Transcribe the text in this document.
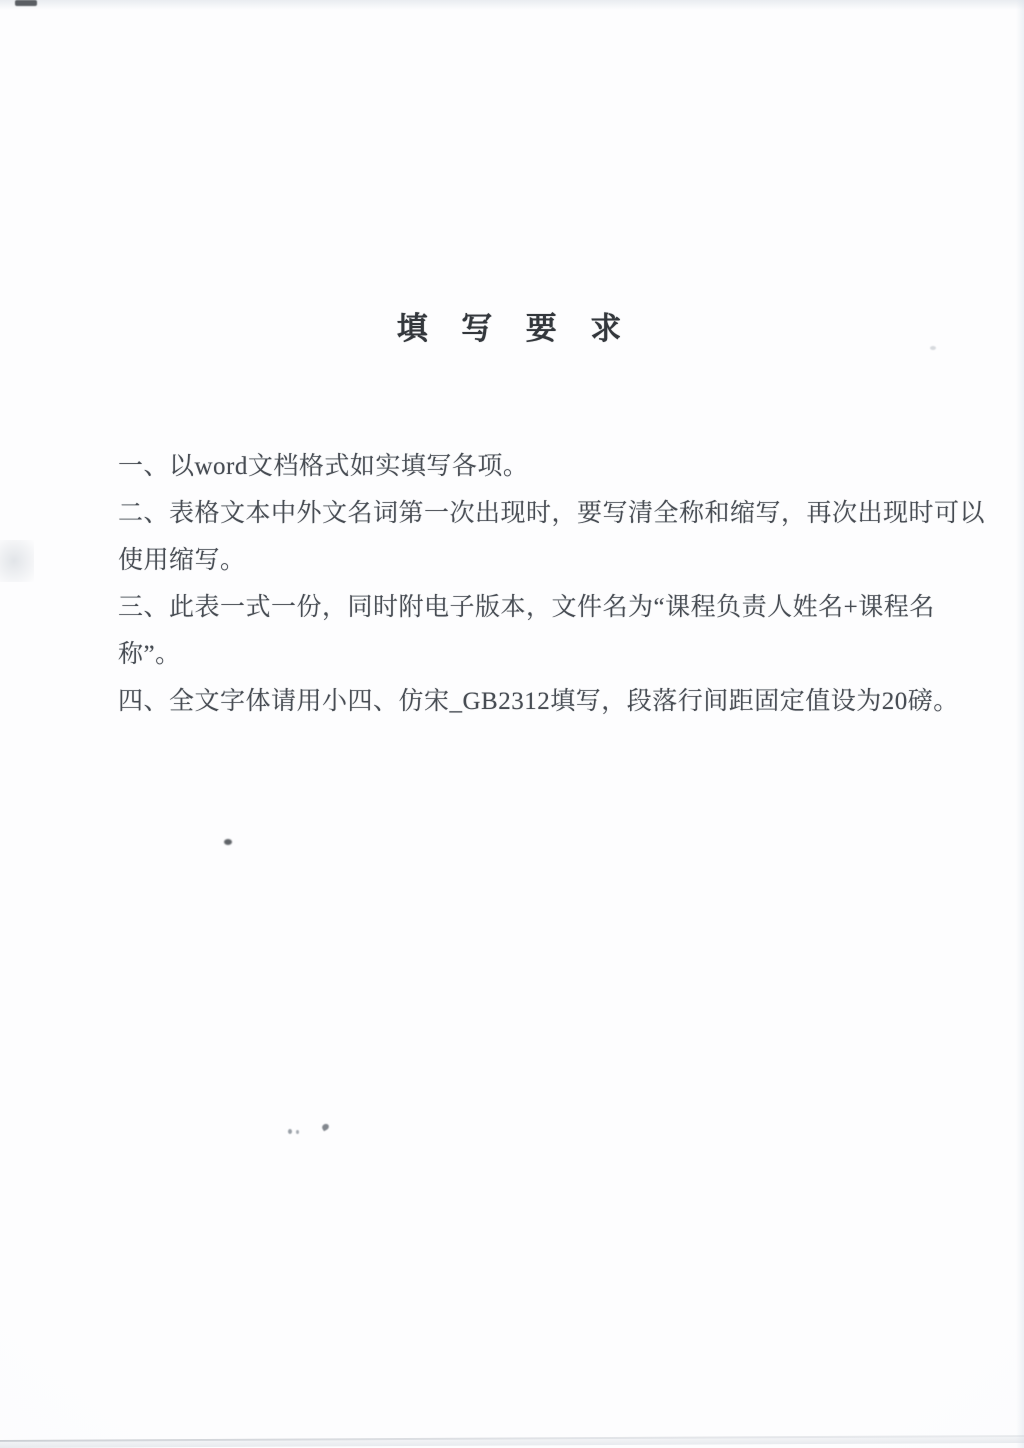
填  写  要  求
一、以word文档格式如实填写各项。
二、表格文本中外文名词第一次出现时，要写清全称和缩写，再次出现时可以
使用缩写。
三、此表一式一份，同时附电子版本，文件名为“课程负责人姓名+课程名
称”。
四、全文字体请用小四、仿宋_GB2312填写，段落行间距固定值设为20磅。
